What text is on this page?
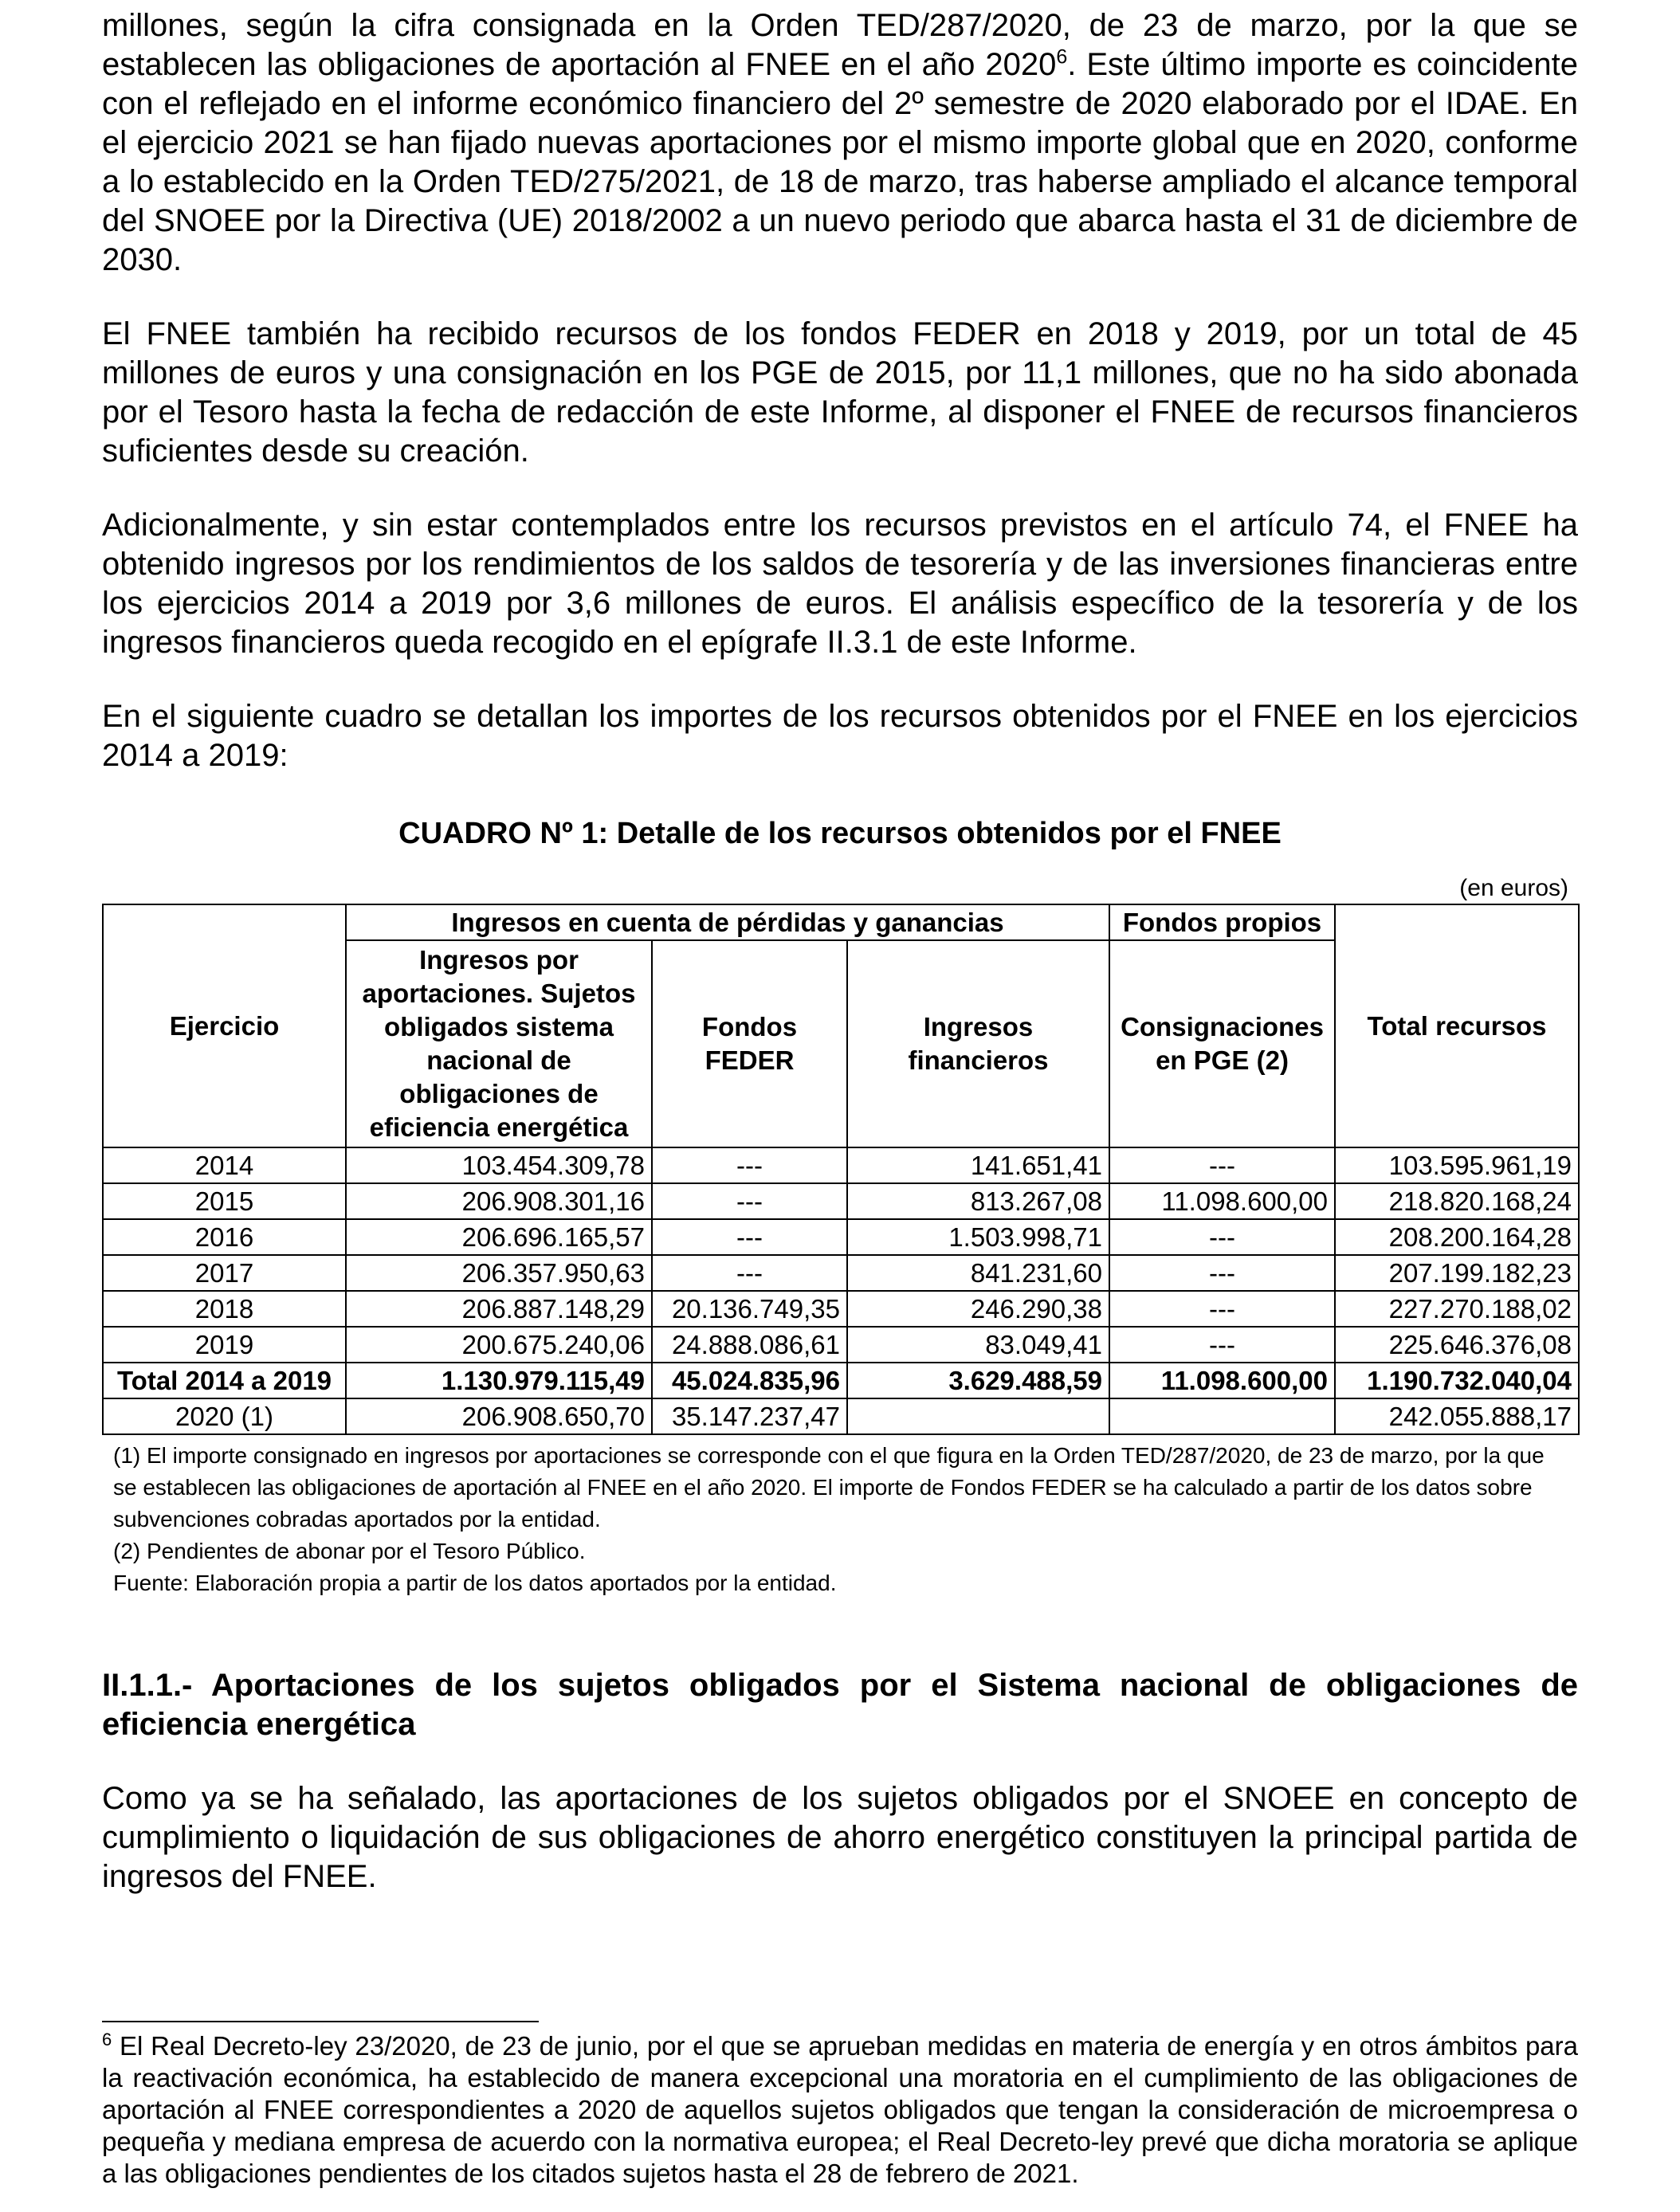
millones, según la cifra consignada en la Orden TED/287/2020, de 23 de marzo, por la que se establecen las obligaciones de aportación al FNEE en el año 2020$^6$. Este último importe es coincidente con el reflejado en el informe económico financiero del 2º semestre de 2020 elaborado por el IDAE. En el ejercicio 2021 se han fijado nuevas aportaciones por el mismo importe global que en 2020, conforme a lo establecido en la Orden TED/275/2021, de 18 de marzo, tras haberse ampliado el alcance temporal del SNOEE por la Directiva (UE) 2018/2002 a un nuevo periodo que abarca hasta el 31 de diciembre de 2030.

El FNEE también ha recibido recursos de los fondos FEDER en 2018 y 2019, por un total de 45 millones de euros y una consignación en los PGE de 2015, por 11,1 millones, que no ha sido abonada por el Tesoro hasta la fecha de redacción de este Informe, al disponer el FNEE de recursos financieros suficientes desde su creación.

Adicionalmente, y sin estar contemplados entre los recursos previstos en el artículo 74, el FNEE ha obtenido ingresos por los rendimientos de los saldos de tesorería y de las inversiones financieras entre los ejercicios 2014 a 2019 por 3,6 millones de euros. El análisis específico de la tesorería y de los ingresos financieros queda recogido en el epígrafe II.3.1 de este Informe.

En el siguiente cuadro se detallan los importes de los recursos obtenidos por el FNEE en los ejercicios 2014 a 2019:

CUADRO Nº 1: Detalle de los recursos obtenidos por el FNEE
(en euros)
Ejercicio	Ingresos en cuenta de pérdidas y ganancias			Fondos propios	Total recursos
	Ingresos por aportaciones. Sujetos obligados sistema nacional de obligaciones de eficiencia energética	Fondos FEDER	Ingresos financieros	Consignaciones en PGE (2)	
2014	103.454.309,78	---	141.651,41	---	103.595.961,19
2015	206.908.301,16	---	813.267,08	11.098.600,00	218.820.168,24
2016	206.696.165,57	---	1.503.998,71	---	208.200.164,28
2017	206.357.950,63	---	841.231,60	---	207.199.182,23
2018	206.887.148,29	20.136.749,35	246.290,38	---	227.270.188,02
2019	200.675.240,06	24.888.086,61	83.049,41	---	225.646.376,08
Total 2014 a 2019	1.130.979.115,49	45.024.835,96	3.629.488,59	11.098.600,00	1.190.732.040,04
2020 (1)	206.908.650,70	35.147.237,47			242.055.888,17
(1) El importe consignado en ingresos por aportaciones se corresponde con el que figura en la Orden TED/287/2020, de 23 de marzo, por la que se establecen las obligaciones de aportación al FNEE en el año 2020. El importe de Fondos FEDER se ha calculado a partir de los datos sobre subvenciones cobradas aportados por la entidad.
(2) Pendientes de abonar por el Tesoro Público.
Fuente: Elaboración propia a partir de los datos aportados por la entidad.
II.1.1.- Aportaciones de los sujetos obligados por el Sistema nacional de obligaciones de eficiencia energética

Como ya se ha señalado, las aportaciones de los sujetos obligados por el SNOEE en concepto de cumplimiento o liquidación de sus obligaciones de ahorro energético constituyen la principal partida de ingresos del FNEE.

$^6$ El Real Decreto-ley 23/2020, de 23 de junio, por el que se aprueban medidas en materia de energía y en otros ámbitos para la reactivación económica, ha establecido de manera excepcional una moratoria en el cumplimiento de las obligaciones de aportación al FNEE correspondientes a 2020 de aquellos sujetos obligados que tengan la consideración de microempresa o pequeña y mediana empresa de acuerdo con la normativa europea; el Real Decreto-ley prevé que dicha moratoria se aplique a las obligaciones pendientes de los citados sujetos hasta el 28 de febrero de 2021.
